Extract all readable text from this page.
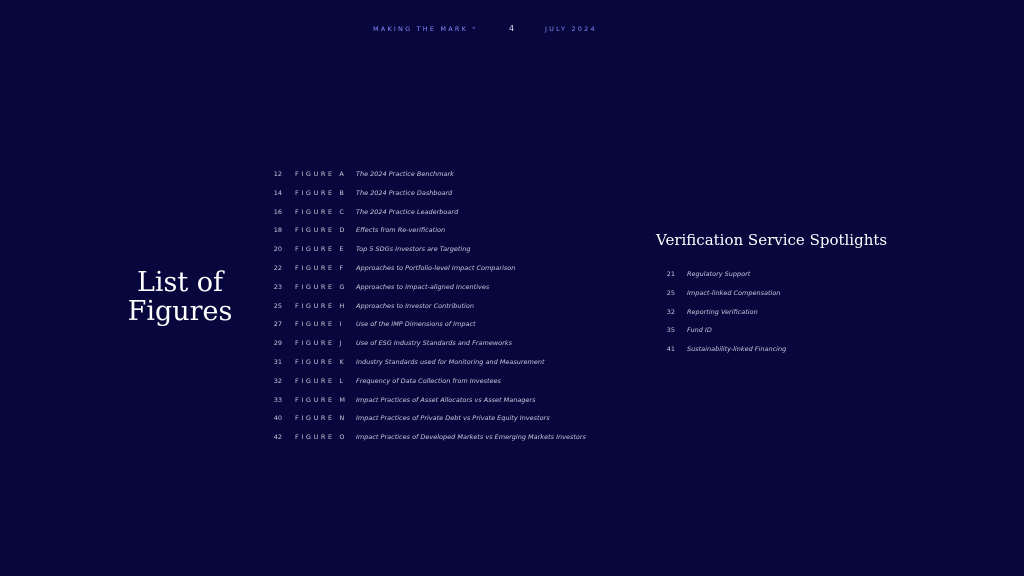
MAKING THE MARK ⁴	4	JULY 2024
List of Figures
12 FIGURE A The 2024 Practice Benchmark
14 FIGURE B The 2024 Practice Dashboard
16 FIGURE C The 2024 Practice Leaderboard
18 FIGURE D Effects from Re-verification
20 FIGURE E Top 5 SDGs Investors are Targeting
22 FIGURE F Approaches to Portfolio-level Impact Comparison
23 FIGURE G Approaches to Impact-aligned Incentives
25 FIGURE H Approaches to Investor Contribution
27 FIGURE I Use of the IMP Dimensions of Impact
29 FIGURE J Use of ESG Industry Standards and Frameworks
31 FIGURE K Industry Standards used for Monitoring and Measurement
32 FIGURE L Frequency of Data Collection from Investees
33 FIGURE M Impact Practices of Asset Allocators vs Asset Managers
40 FIGURE N Impact Practices of Private Debt vs Private Equity Investors
42 FIGURE O Impact Practices of Developed Markets vs Emerging Markets Investors
Verification Service Spotlights
21 Regulatory Support
25 Impact-linked Compensation
32 Reporting Verification
35 Fund ID
41 Sustainability-linked Financing
